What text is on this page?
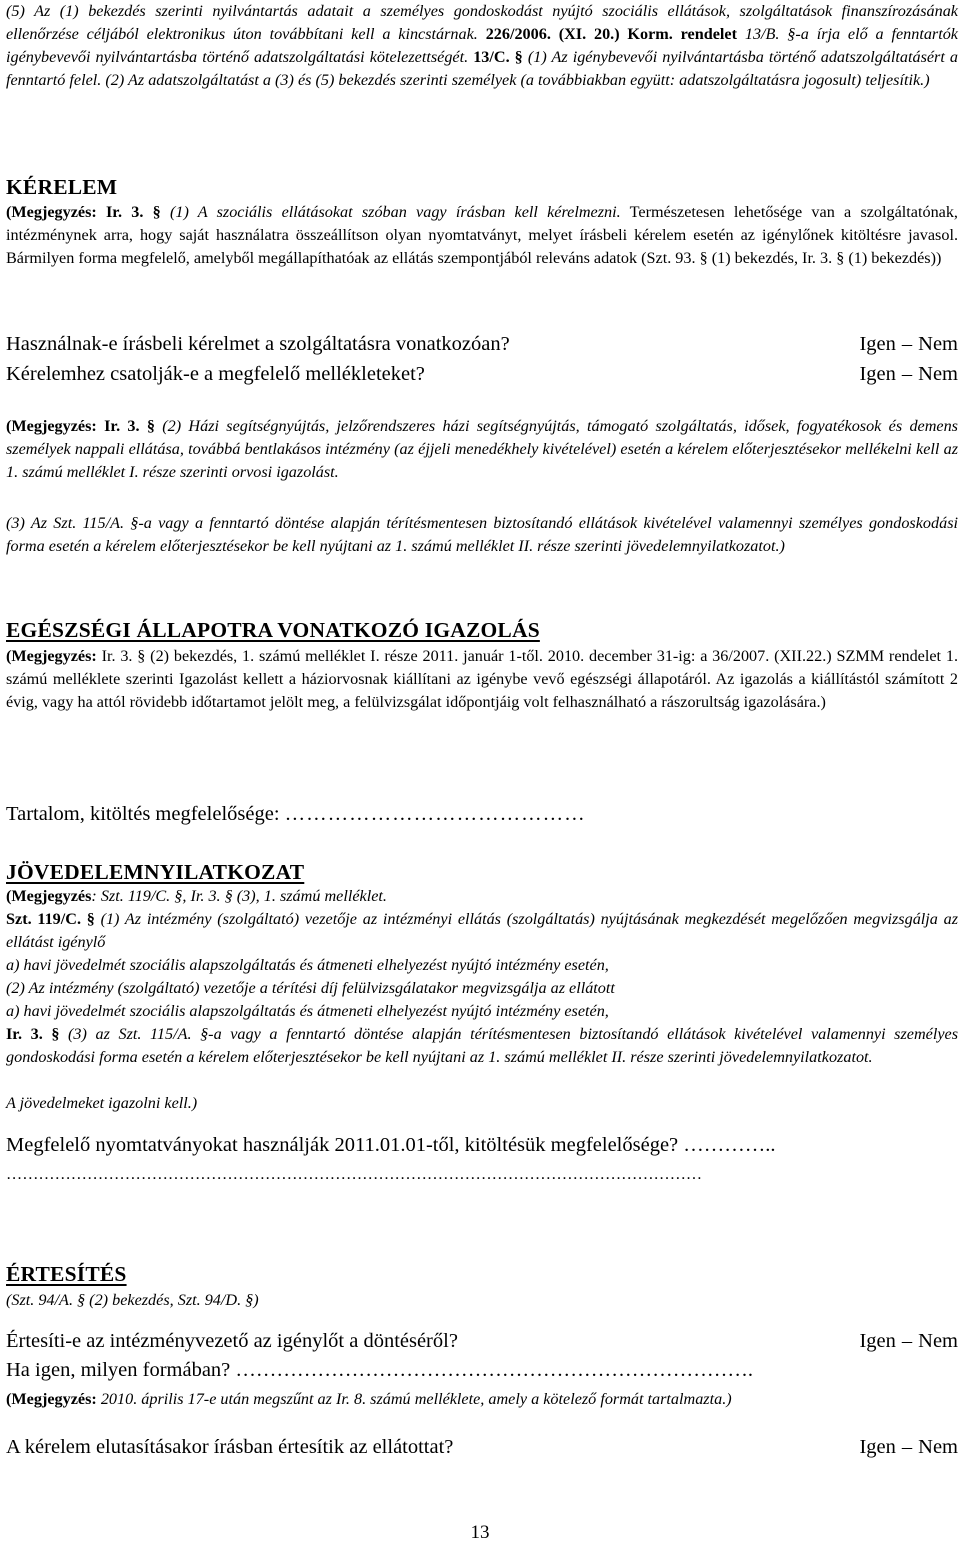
(5) Az (1) bekezdés szerinti nyilvántartás adatait a személyes gondoskodást nyújtó szociális ellátások, szolgáltatások finanszírozásának ellenőrzése céljából elektronikus úton továbbítani kell a kincstárnak. 226/2006. (XI. 20.) Korm. rendelet 13/B. §-a írja elő a fenntartók igénybevevői nyilvántartásba történő adatszolgáltatási kötelezettségét. 13/C. § (1) Az igénybevevői nyilvántartásba történő adatszolgáltatásért a fenntartó felel. (2) Az adatszolgáltatást a (3) és (5) bekezdés szerinti személyek (a továbbiakban együtt: adatszolgáltatásra jogosult) teljesítik.)

KÉRELEM

(Megjegyzés: Ir. 3. § (1) A szociális ellátásokat szóban vagy írásban kell kérelmezni. Természetesen lehetősége van a szolgáltatónak, intézménynek arra, hogy saját használatra összeállítson olyan nyomtatványt, melyet írásbeli kérelem esetén az igénylőnek kitöltésre javasol. Bármilyen forma megfelelő, amelyből megállapíthatóak az ellátás szempontjából releváns adatok (Szt. 93. § (1) bekezdés, Ir. 3. § (1) bekezdés))

Használnak-e írásbeli kérelmet a szolgáltatásra vonatkozóan?	Igen – Nem
Kérelemhez csatolják-e a megfelelő mellékleteket?	Igen – Nem

(Megjegyzés: Ir. 3. § (2) Házi segítségnyújtás, jelzőrendszeres házi segítségnyújtás, támogató szolgáltatás, idősek, fogyatékosok és demens személyek nappali ellátása, továbbá bentlakásos intézmény (az éjjeli menedékhely kivételével) esetén a kérelem előterjesztésekor mellékelni kell az 1. számú melléklet I. része szerinti orvosi igazolást.

(3) Az Szt. 115/A. §-a vagy a fenntartó döntése alapján térítésmentesen biztosítandó ellátások kivételével valamennyi személyes gondoskodási forma esetén a kérelem előterjesztésekor be kell nyújtani az 1. számú melléklet II. része szerinti jövedelemnyilatkozatot.)

EGÉSZSÉGI ÁLLAPOTRA VONATKOZÓ IGAZOLÁS

(Megjegyzés: Ir. 3. § (2) bekezdés, 1. számú melléklet I. része 2011. január 1-től. 2010. december 31-ig: a 36/2007. (XII.22.) SZMM rendelet 1. számú melléklete szerinti Igazolást kellett a háziorvosnak kiállítani az igénybe vevő egészségi állapotáról. Az igazolás a kiállítástól számított 2 évig, vagy ha attól rövidebb időtartamot jelölt meg, a felülvizsgálat időpontjáig volt felhasználható a rászorultság igazolására.)

Tartalom, kitöltés megfelelősége: ……………………………………
JÖVEDELEMNYILATKOZAT
(Megjegyzés: Szt. 119/C. §, Ir. 3. § (3), 1. számú melléklet.

Szt. 119/C. § (1) Az intézmény (szolgáltató) vezetője az intézményi ellátás (szolgáltatás) nyújtásának megkezdését megelőzően megvizsgálja az ellátást igénylő

a) havi jövedelmét szociális alapszolgáltatás és átmeneti elhelyezést nyújtó intézmény esetén,
(2) Az intézmény (szolgáltató) vezetője a térítési díj felülvizsgálatakor megvizsgálja az ellátott
a) havi jövedelmét szociális alapszolgáltatás és átmeneti elhelyezést nyújtó intézmény esetén,

Ir. 3. § (3) az Szt. 115/A. §-a vagy a fenntartó döntése alapján térítésmentesen biztosítandó ellátások kivételével valamennyi személyes gondoskodási forma esetén a kérelem előterjesztésekor be kell nyújtani az 1. számú melléklet II. része szerinti jövedelemnyilatkozatot.

A jövedelmeket igazolni kell.)
Megfelelő nyomtatványokat használják 2011.01.01-től, kitöltésük megfelelősége? …………..
…………………………………………………………………………………………………………………
ÉRTESÍTÉS
(Szt. 94/A. § (2) bekezdés, Szt. 94/D. §)
Értesíti-e az intézményvezető az igénylőt a döntéséről?	Igen – Nem
Ha igen, milyen formában? ………………………………………………………………….
(Megjegyzés: 2010. április 17-e után megszűnt az Ir. 8. számú melléklete, amely a kötelező formát tartalmazta.)
A kérelem elutasításakor írásban értesítik az ellátottat?	Igen – Nem
13
